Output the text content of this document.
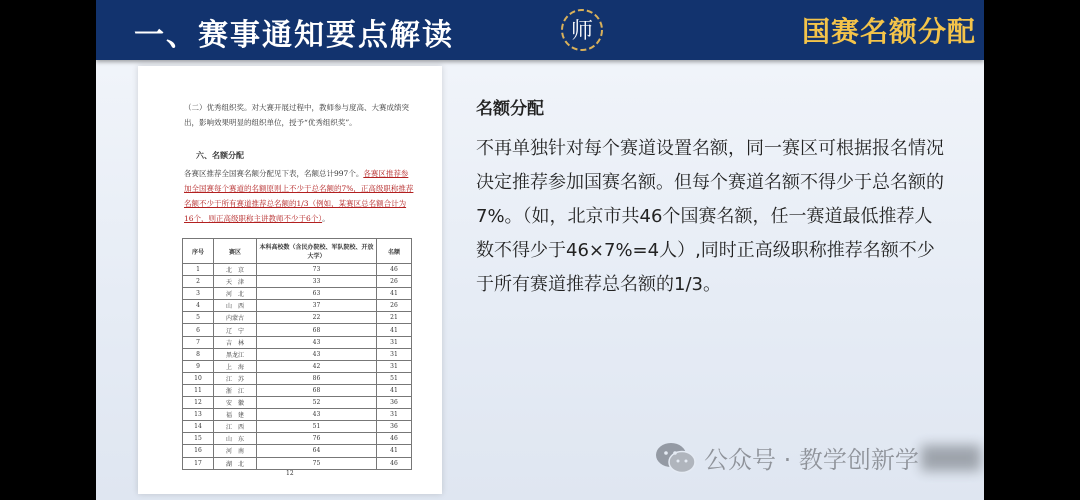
一、赛事通知要点解读	师	国赛名额分配
（二）优秀组织奖。对大赛开展过程中，教师参与度高、大赛成绩突出，影响效果明显的组织单位，授予“优秀组织奖”。
六、名额分配
各赛区推荐全国赛名额分配见下表，名额总计997个。各赛区推荐参加全国赛每个赛道的名额原则上不少于总名额的7%，正高级职称推荐名额不少于所有赛道推荐总名额的1/3（例如，某赛区总名额合计为16个，则正高级职称主讲教师不少于6个）。
序号	赛区	本科高校数（含民办院校、军队院校、开放大学）	名额
1	北　京	73	46
2	天　津	33	26
3	河　北	63	41
4	山　西	37	26
5	内蒙古	22	21
6	辽　宁	68	41
7	吉　林	43	31
8	黑龙江	43	31
9	上　海	42	31
10	江　苏	86	51
11	浙　江	68	41
12	安　徽	52	36
13	福　建	43	31
14	江　西	51	36
15	山　东	76	46
16	河　南	64	41
17	湖　北	75	46
12
名额分配
不再单独针对每个赛道设置名额，同一赛区可根据报名情况决定推荐参加国赛名额。但每个赛道名额不得少于总名额的7%。（如，北京市共46个国赛名额，任一赛道最低推荐人数不得少于46×7%=4人）,同时正高级职称推荐名额不少于所有赛道推荐总名额的1/3。
公众号 · 教学创新学
